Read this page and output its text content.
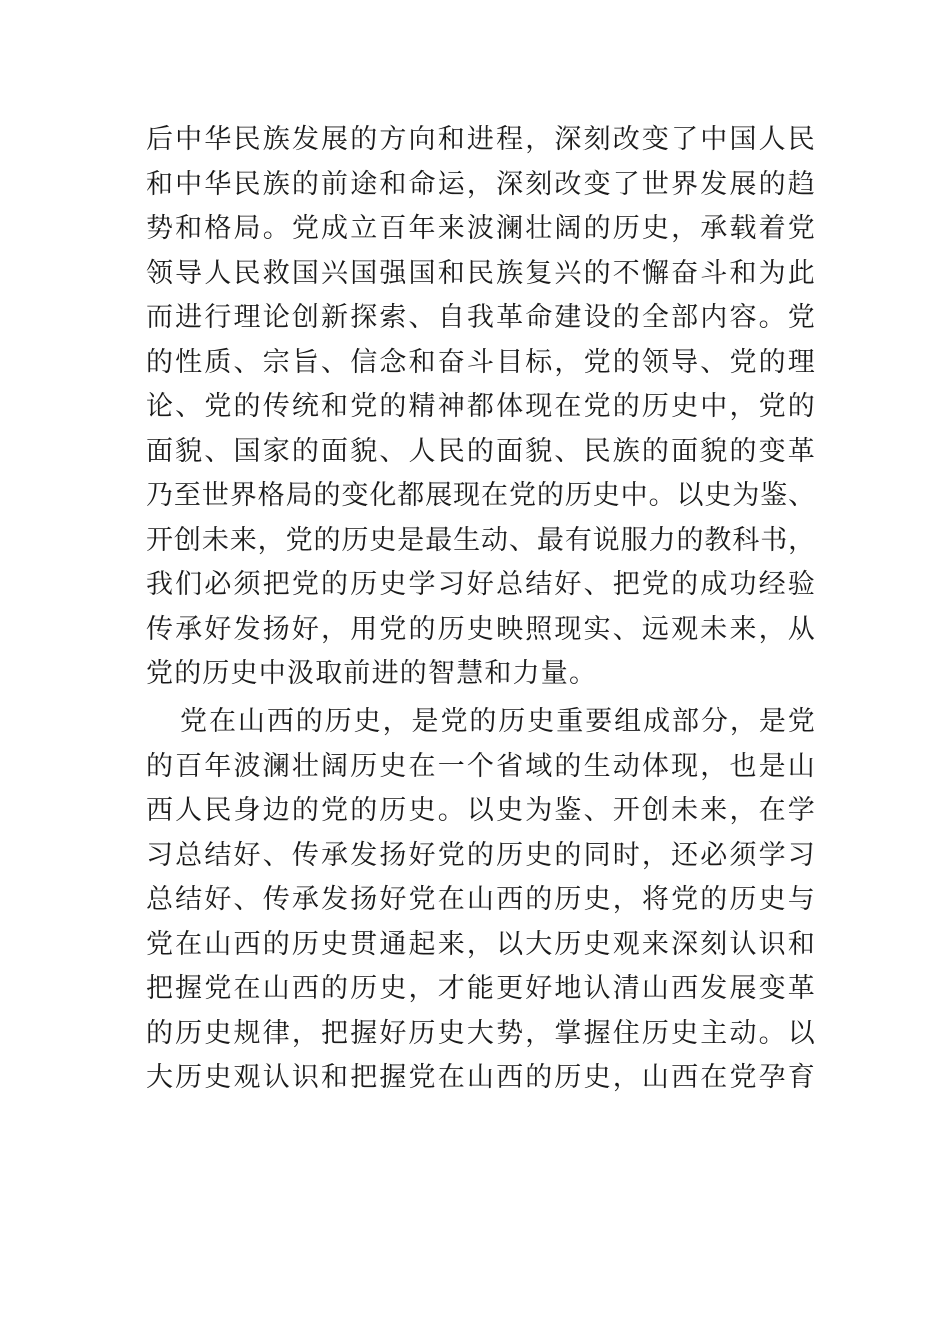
后中华民族发展的方向和进程，深刻改变了中国人民
和中华民族的前途和命运，深刻改变了世界发展的趋
势和格局。党成立百年来波澜壮阔的历史，承载着党
领导人民救国兴国强国和民族复兴的不懈奋斗和为此
而进行理论创新探索、自我革命建设的全部内容。党
的性质、宗旨、信念和奋斗目标，党的领导、党的理
论、党的传统和党的精神都体现在党的历史中，党的
面貌、国家的面貌、人民的面貌、民族的面貌的变革
乃至世界格局的变化都展现在党的历史中。以史为鉴、
开创未来，党的历史是最生动、最有说服力的教科书，
我们必须把党的历史学习好总结好、把党的成功经验
传承好发扬好，用党的历史映照现实、远观未来，从
党的历史中汲取前进的智慧和力量。
党在山西的历史，是党的历史重要组成部分，是党
的百年波澜壮阔历史在一个省域的生动体现，也是山
西人民身边的党的历史。以史为鉴、开创未来，在学
习总结好、传承发扬好党的历史的同时，还必须学习
总结好、传承发扬好党在山西的历史，将党的历史与
党在山西的历史贯通起来，以大历史观来深刻认识和
把握党在山西的历史，才能更好地认清山西发展变革
的历史规律，把握好历史大势，掌握住历史主动。以
大历史观认识和把握党在山西的历史，山西在党孕育
